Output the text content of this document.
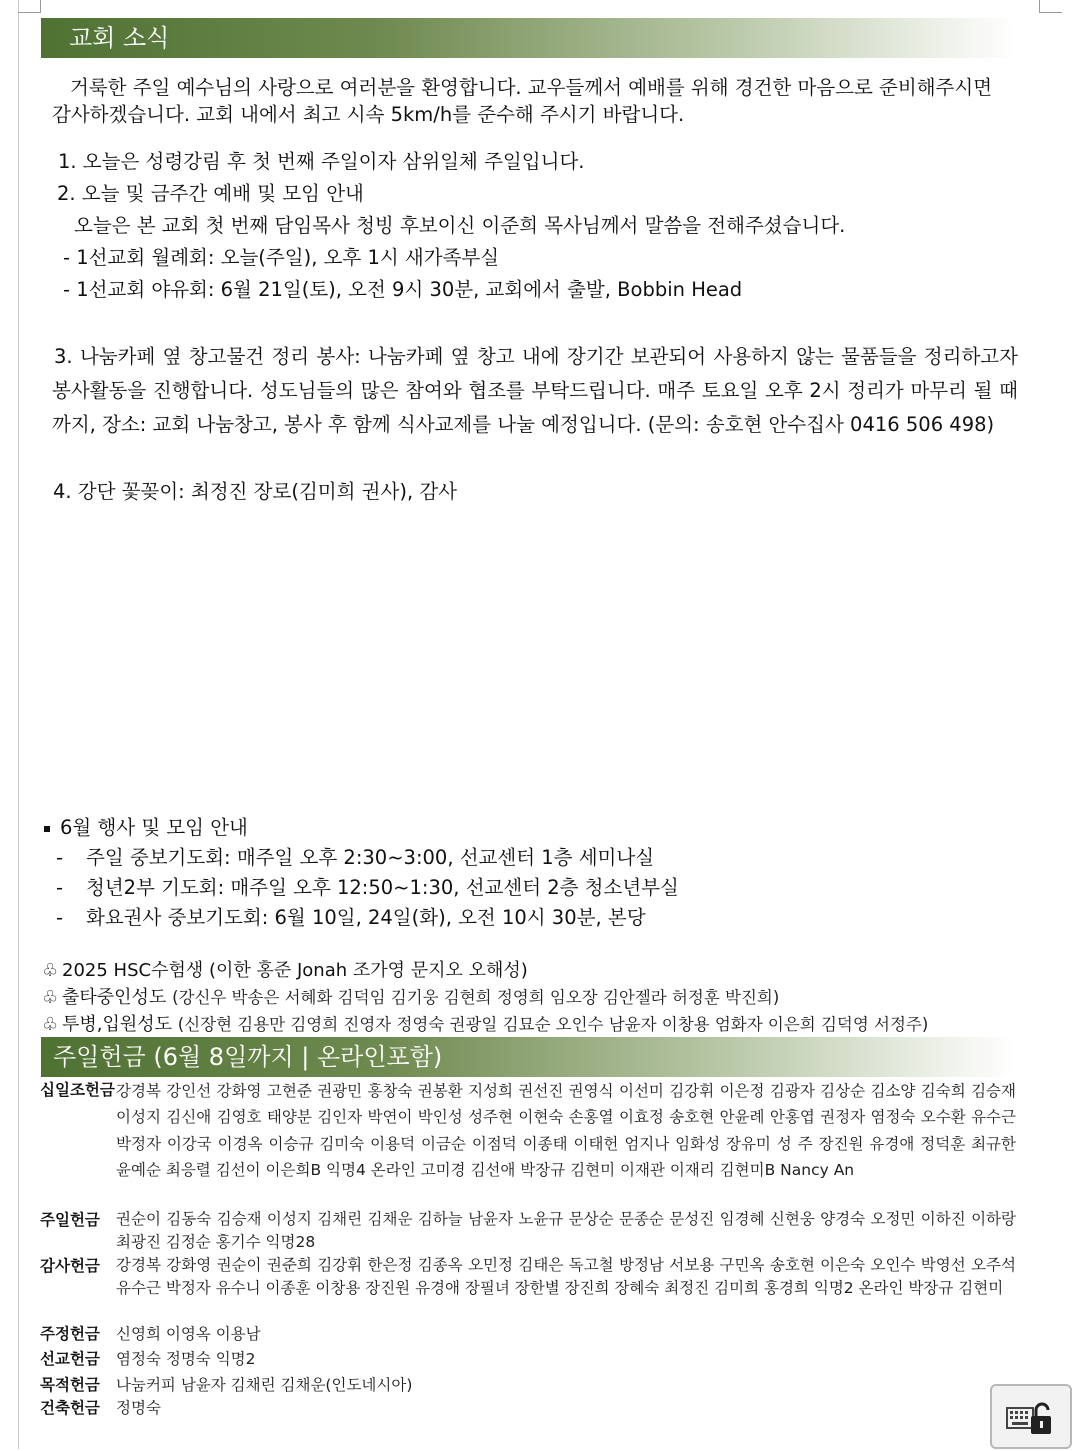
교회 소식
거룩한 주일 예수님의 사랑으로 여러분을 환영합니다. 교우들께서 예배를 위해 경건한 마음으로 준비해주시면 감사하겠습니다. 교회 내에서 최고 시속 5km/h를 준수해 주시기 바랍니다.
1. 오늘은 성령강림 후 첫 번째 주일이자 삼위일체 주일입니다.
2. 오늘 및 금주간 예배 및 모임 안내
오늘은 본 교회 첫 번째 담임목사 청빙 후보이신 이준희 목사님께서 말씀을 전해주셨습니다.
- 1선교회 월례회: 오늘(주일), 오후 1시 새가족부실
- 1선교회 야유회: 6월 21일(토), 오전 9시 30분, 교회에서 출발, Bobbin Head
3. 나눔카페 옆 창고물건 정리 봉사: 나눔카페 옆 창고 내에 장기간 보관되어 사용하지 않는 물품들을 정리하고자 봉사활동을 진행합니다. 성도님들의 많은 참여와 협조를 부탁드립니다. 매주 토요일 오후 2시 정리가 마무리 될 때 까지, 장소: 교회 나눔창고, 봉사 후 함께 식사교제를 나눌 예정입니다. (문의: 송호현 안수집사 0416 506 498)
4. 강단 꽃꽂이: 최정진 장로(김미희 권사), 감사
6월 행사 및 모임 안내
- 주일 중보기도회: 매주일 오후 2:30~3:00, 선교센터 1층 세미나실
- 청년2부 기도회: 매주일 오후 12:50~1:30, 선교센터 2층 청소년부실
- 화요권사 중보기도회: 6월 10일, 24일(화), 오전 10시 30분, 본당
♧ 2025 HSC수험생 (이한 홍준 Jonah 조가영 문지오 오해성)
♧ 출타중인성도 (강신우 박송은 서혜화 김덕임 김기웅 김현희 정영희 임오장 김안젤라 허정훈 박진희)
♧ 투병,입원성도 (신장현 김용만 김영희 진영자 정영숙 권광일 김묘순 오인수 남윤자 이창용 엄화자 이은희 김덕영 서정주)
주일헌금 (6월 8일까지 | 온라인포함)
십일조헌금 강경복 강인선 강화영 고현준 권광민 홍창숙 권봉환 지성희 권선진 권영식 이선미 김강휘 이은정 김광자 김상순 김소양 김숙희 김승재 이성지 김신애 김영호 태양분 김인자 박연이 박인성 성주현 이현숙 손홍열 이효정 송호현 안윤례 안홍엽 권정자 염정숙 오수환 유수근 박정자 이강국 이경옥 이승규 김미숙 이용덕 이금순 이점덕 이종태 이태헌 엄지나 임화성 장유미 성 주 장진원 유경애 정덕훈 최규한 윤예순 최응렬 김선이 이은희B 익명4 온라인 고미경 김선애 박장규 김현미 이재관 이재리 김현미B Nancy An
주일헌금	권순이 김동숙 김승재 이성지 김채린 김채운 김하늘 남윤자 노윤규 문상순 문종순 문성진 임경혜 신현웅 양경숙 오정민 이하진 이하랑 최광진 김정순 홍기수 익명28
감사헌금	강경복 강화영 권순이 권준희 김강휘 한은정 김종옥 오민정 김태은 독고철 방정남 서보용 구민옥 송호현 이은숙 오인수 박영선 오주석 유수근 박정자 유수니 이종훈 이창용 장진원 유경애 장필녀 장한별 장진희 장혜숙 최정진 김미희 홍경희 익명2 온라인 박장규 김현미
주정헌금	신영희 이영옥 이용남
선교헌금	염정숙 정명숙 익명2
목적헌금	나눔커피 남윤자 김채린 김채운(인도네시아)
건축헌금	정명숙
